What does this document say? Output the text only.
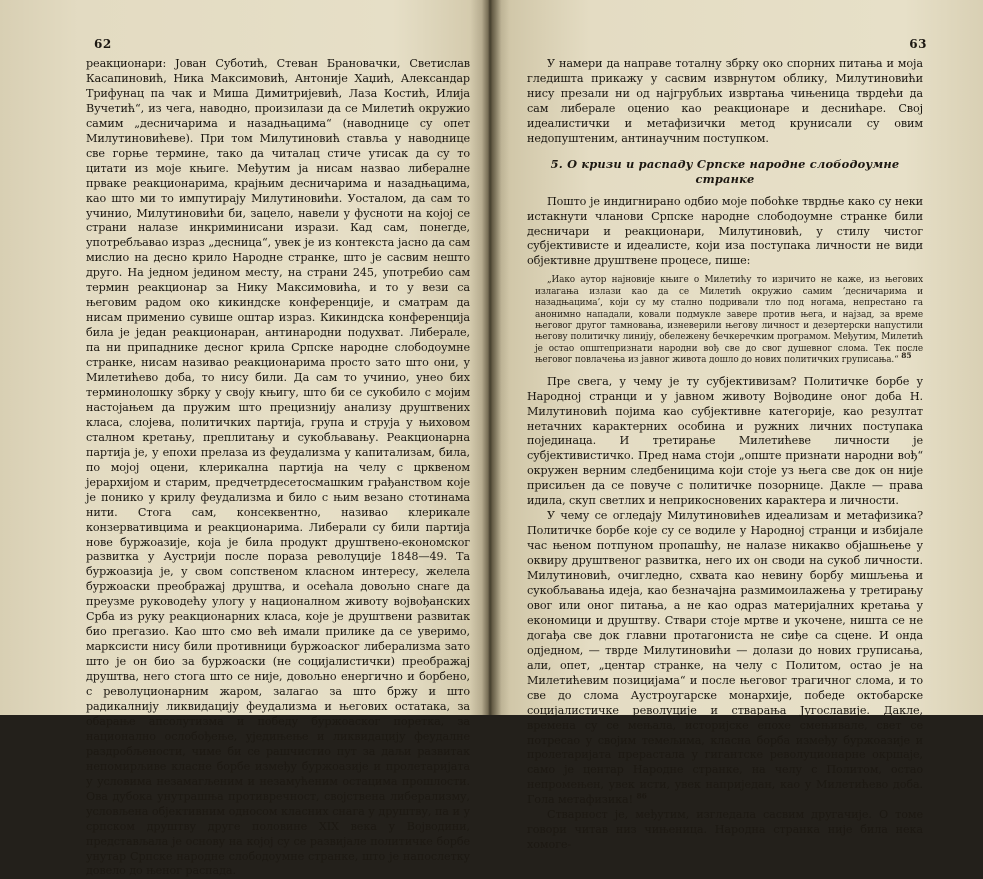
62

реакционари: Јован Суботић, Стеван Брановачки, Светислав Касапиновић, Ника Максимовић, Антоније Хаџић, Александар Трифунац па чак и Миша Димитријевић, Лаза Костић, Илија Вучетић“, из чега, наводно, произилази да се Милетић окружио самим „десничарима и назадњацима“ (наводнице су опет Милутиновићеве). При том Милутиновић ставља у наводнице све горње термине, тако да читалац стиче утисак да су то цитати из моје књиге. Међутим ја нисам назвао либералне прваке реакционарима, крајњим десничарима и назадњацима, као што ми то импутирају Милутиновићи. Уосталом, да сам то учинио, Милутиновићи би, зацело, навели у фусноти на којој се страни налазе инкриминисани изрази. Кад сам, понегде, употребљавао израз „десница“, увек је из контекста јасно да сам мислио на десно крило Народне странке, што је сасвим нешто друго. На једном једином месту, на страни 245, употребио сам термин реакционар за Нику Максимовића, и то у вези са његовим радом око кикиндске конференције, и сматрам да нисам применио сувише оштар израз. Кикиндска конференција била је један реакционаран, антинародни подухват. Либерале, па ни припаднике десног крила Српске народне слободоумне странке, нисам називао реакционарима просто зато што они, у Милетићево доба, то нису били. Да сам то учинио, унео бих терминолошку збрку у своју књигу, што би се сукобило с мојим настојањем да пружим што прецизнију анализу друштвених класа, слојева, политичких партија, група и струја у њиховом сталном кретању, преплитању и сукобљавању. Реакционарна партија је, у епохи прелаза из феудализма у капитализам, била, по мојој оцени, клерикална партија на челу с црквеном јерархијом и старим, предчетрдесетосмашким грађанством које је понико у крилу феудализма и било с њим везано стотинама нити. Стога сам, консеквентно, називао клерикале конзервативцима и реакционарима. Либерали су били партија нове буржоазије, која је била продукт друштвено-економског развитка у Аустрији после пораза револуције 1848—49. Та буржоазија је, у свом сопственом класном интересу, желела буржоаски преображај друштва, и осећала довољно снаге да преузме руководећу улогу у националном животу војвођанских Срба из руку реакционарних класа, које је друштвени развитак био прегазио. Као што смо већ имали прилике да се уверимо, марксисти нису били противници буржоаског либерализма зато што је он био за буржоаски (не социјалистички) преображај друштва, него стога што се није, довољно енергично и борбено, с револуционарним жаром, залагао за што бржу и што радикалнију ликвидацију феудализма и његових остатака, за обарање апсолутизма и победу буржоаског поретка, за национално ослобођење, уједињење и ликвидацију феудалне раздробљености, чиме би се рашчистио пут за даљи развитак непомирљиве класне борбе између буржоазије и пролетаријата у условима незамагљеним и незамућеним остацима прошлости. Ова дубока унутрашња противречност, својствена либерализму, условљена објективним односом класних снага у друштву, па и у српском друштву друге половине XIX века у Војводини, представљала је основу на којој су се развијале политичке борбе унутар Српске народне слободоумне странке, што је напослетку довело до њеног распада.

63

У намери да направе тоталну збрку око спорних питања и моја гледишта прикажу у сасвим изврнутом облику, Милутиновићи нису презали ни од најгрубљих извртања чињеница тврдећи да сам либерале оценио као реакционаре и деснићаре. Свој идеалистички и метафизички метод крунисали су овим недопуштеним, антинаучним поступком.

5. О кризи и распаду Српске народне слободоумне странке

Пошто је индигнирано одбио моје побоћке тврдње како су неки истакнути чланови Српске народне слободоумне странке били десничари и реакционари, Милутиновић, у стилу чистог субјективисте и идеалисте, који иза поступака личности не види објективне друштвене процесе, пише:

„Иако аутор најновије књиге о Милетићу то изричито не каже, из његових излагања излази као да се Милетић окружио самим ’десничарима и назадњацима’, који су му стално подривали тло под ногама, непрестано га анонимно нападали, ковали подмукле заверe против њега, и најзад, за време његовог другог тамновања, изневерили његову личност и дезертерски напустили његову политичку линију, обележену бечкеречким програмом. Међутим, Милетић је остао општепризнати народни вођ све до свог душевног слома. Тек после његовог повлачења из јавног живота дошло до нових политичких груписања.“ $^{85}$

Пре свега, у чему је ту субјективизам? Политичке борбе у Народној странци и у јавном животу Војводине оног доба Н. Милутиновић појима као субјективне категорије, као резултат нетачних карактерних особина и ружних личних поступака појединаца. И третирање Милетићеве личности је субјективистичко. Пред нама стоји „опште признати народни вођ“ окружен верним следбеницима који стоје уз њега све док он није присиљен да се повуче с политичке позорнице. Дакле — права идила, скуп светлих и неприкосновених карактера и личности.

У чему се огледају Милутиновићев идеализам и метафизика? Политичке борбе које су се водиле у Народној странци и избијале час њеном потпуном пропашћу, не налазе никакво објашњење у оквиру друштвеног развитка, него их он своди на сукоб личности. Милутиновић, очигледно, схвата као невину борбу мишљења и сукобљавања идеја, као безначајна размимоилажења у третирању овог или оног питања, а не као одраз материјалних кретања у економици и друштву. Ствари стоје мртве и укочене, ништа се не догађа све док главни протагониста не сиђе са сцене. И онда одједном, — тврде Милутиновићи — долази до нових груписања, али, опет, „центар странке, на челу с Политом, остао је на Милетићевим позицијама“ и после његовог трагичног слома, и то све до слома Аустроугарске монархије, победе октобарске социјалистичке револуције и стварања Југославије. Дакле, времена су се мењала, историјске епохе смењивале, свет се потресао у својим темељима, класна борба између буржоазије и пролетаријата прерастала у гигантске револуционарне окршаје, само је центар Народне странке, на челу с Политом, остао непромењен, увек исти, увек наприједан, као у Милетићево доба. Гола метафизика! $^{86}$

Стварност је, међутим, изгледала сасвим другачије. О томе говори читав низ чињеница. Народна странка није била нека хомоге-
